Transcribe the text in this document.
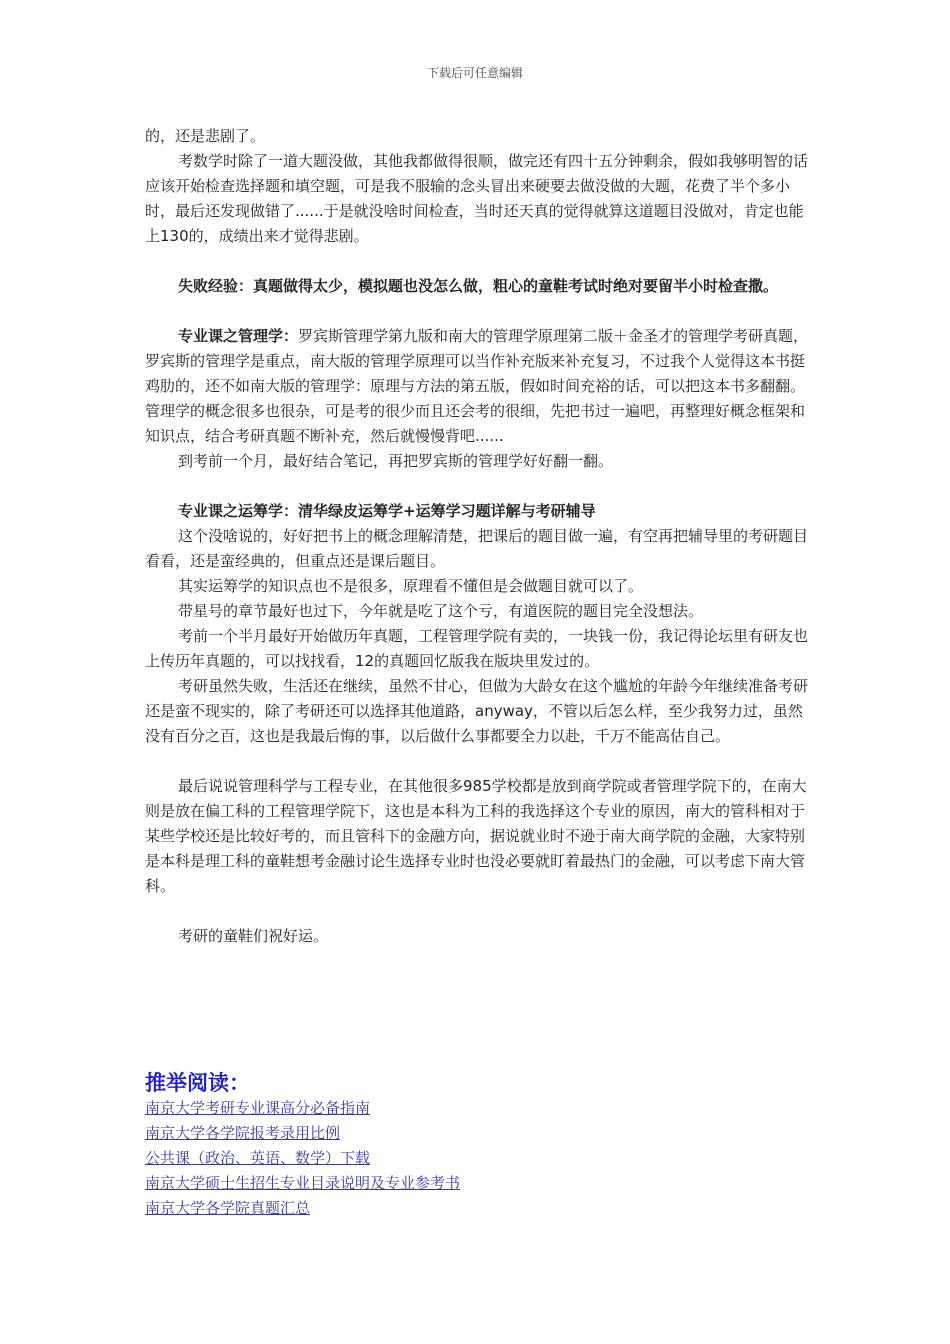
下载后可任意编辑

的，还是悲剧了。

考数学时除了一道大题没做，其他我都做得很顺，做完还有四十五分钟剩余，假如我够明智的话应该开始检查选择题和填空题，可是我不服输的念头冒出来硬要去做没做的大题，花费了半个多小时，最后还发现做错了......于是就没啥时间检查，当时还天真的觉得就算这道题目没做对，肯定也能上130的，成绩出来才觉得悲剧。

失败经验：真题做得太少，模拟题也没怎么做，粗心的童鞋考试时绝对要留半小时检查撒。

专业课之管理学：罗宾斯管理学第九版和南大的管理学原理第二版＋金圣才的管理学考研真题，罗宾斯的管理学是重点，南大版的管理学原理可以当作补充版来补充复习，不过我个人觉得这本书挺鸡肋的，还不如南大版的管理学：原理与方法的第五版，假如时间充裕的话，可以把这本书多翻翻。管理学的概念很多也很杂，可是考的很少而且还会考的很细，先把书过一遍吧，再整理好概念框架和知识点，结合考研真题不断补充，然后就慢慢背吧......

到考前一个月，最好结合笔记，再把罗宾斯的管理学好好翻一翻。

专业课之运筹学：清华绿皮运筹学+运筹学习题详解与考研辅导

这个没啥说的，好好把书上的概念理解清楚，把课后的题目做一遍，有空再把辅导里的考研题目看看，还是蛮经典的，但重点还是课后题目。

其实运筹学的知识点也不是很多，原理看不懂但是会做题目就可以了。

带星号的章节最好也过下，今年就是吃了这个亏，有道医院的题目完全没想法。

考前一个半月最好开始做历年真题，工程管理学院有卖的，一块钱一份，我记得论坛里有研友也上传历年真题的，可以找找看，12的真题回忆版我在版块里发过的。

考研虽然失败，生活还在继续，虽然不甘心，但做为大龄女在这个尴尬的年龄今年继续准备考研还是蛮不现实的，除了考研还可以选择其他道路，anyway，不管以后怎么样，至少我努力过，虽然没有百分之百，这也是我最后悔的事，以后做什么事都要全力以赴，千万不能高估自己。

最后说说管理科学与工程专业，在其他很多985学校都是放到商学院或者管理学院下的，在南大则是放在偏工科的工程管理学院下，这也是本科为工科的我选择这个专业的原因，南大的管科相对于某些学校还是比较好考的，而且管科下的金融方向，据说就业时不逊于南大商学院的金融，大家特别是本科是理工科的童鞋想考金融讨论生选择专业时也没必要就盯着最热门的金融，可以考虑下南大管科。

考研的童鞋们祝好运。

推举阅读：
南京大学考研专业课高分必备指南
南京大学各学院报考录用比例
公共课（政治、英语、数学）下载
南京大学硕士生招生专业目录说明及专业参考书
南京大学各学院真题汇总
